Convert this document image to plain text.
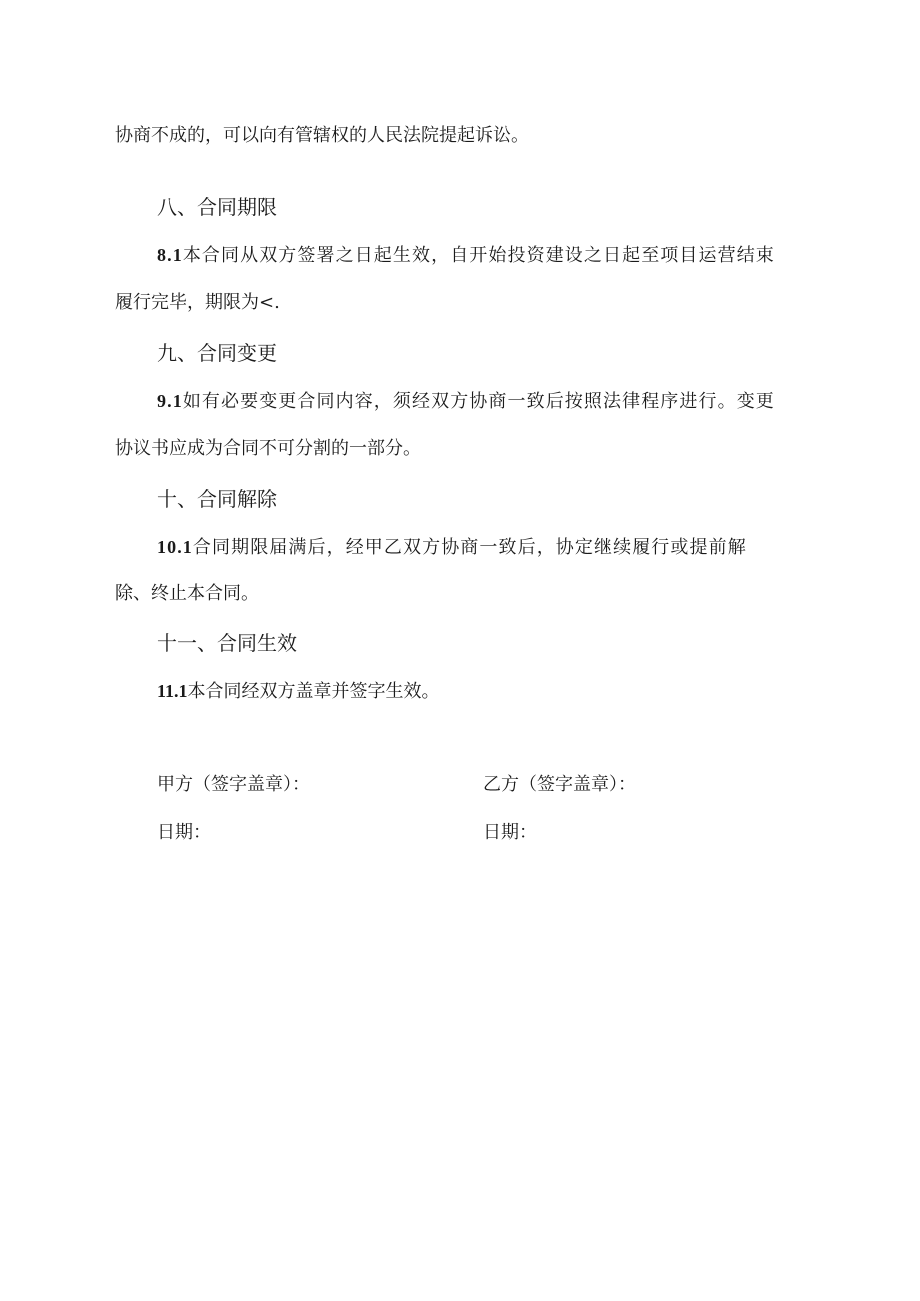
协商不成的，可以向有管辖权的人民法院提起诉讼。
八、合同期限
8.1本合同从双方签署之日起生效，自开始投资建设之日起至项目运营结束
履行完毕，期限为<.
九、合同变更
9.1如有必要变更合同内容，须经双方协商一致后按照法律程序进行。变更
协议书应成为合同不可分割的一部分。
十、合同解除
10.1合同期限届满后，经甲乙双方协商一致后，协定继续履行或提前解
除、终止本合同。
十一、合同生效
11.1本合同经双方盖章并签字生效。
甲方（签字盖章）：	乙方（签字盖章）：
日期：	日期：
